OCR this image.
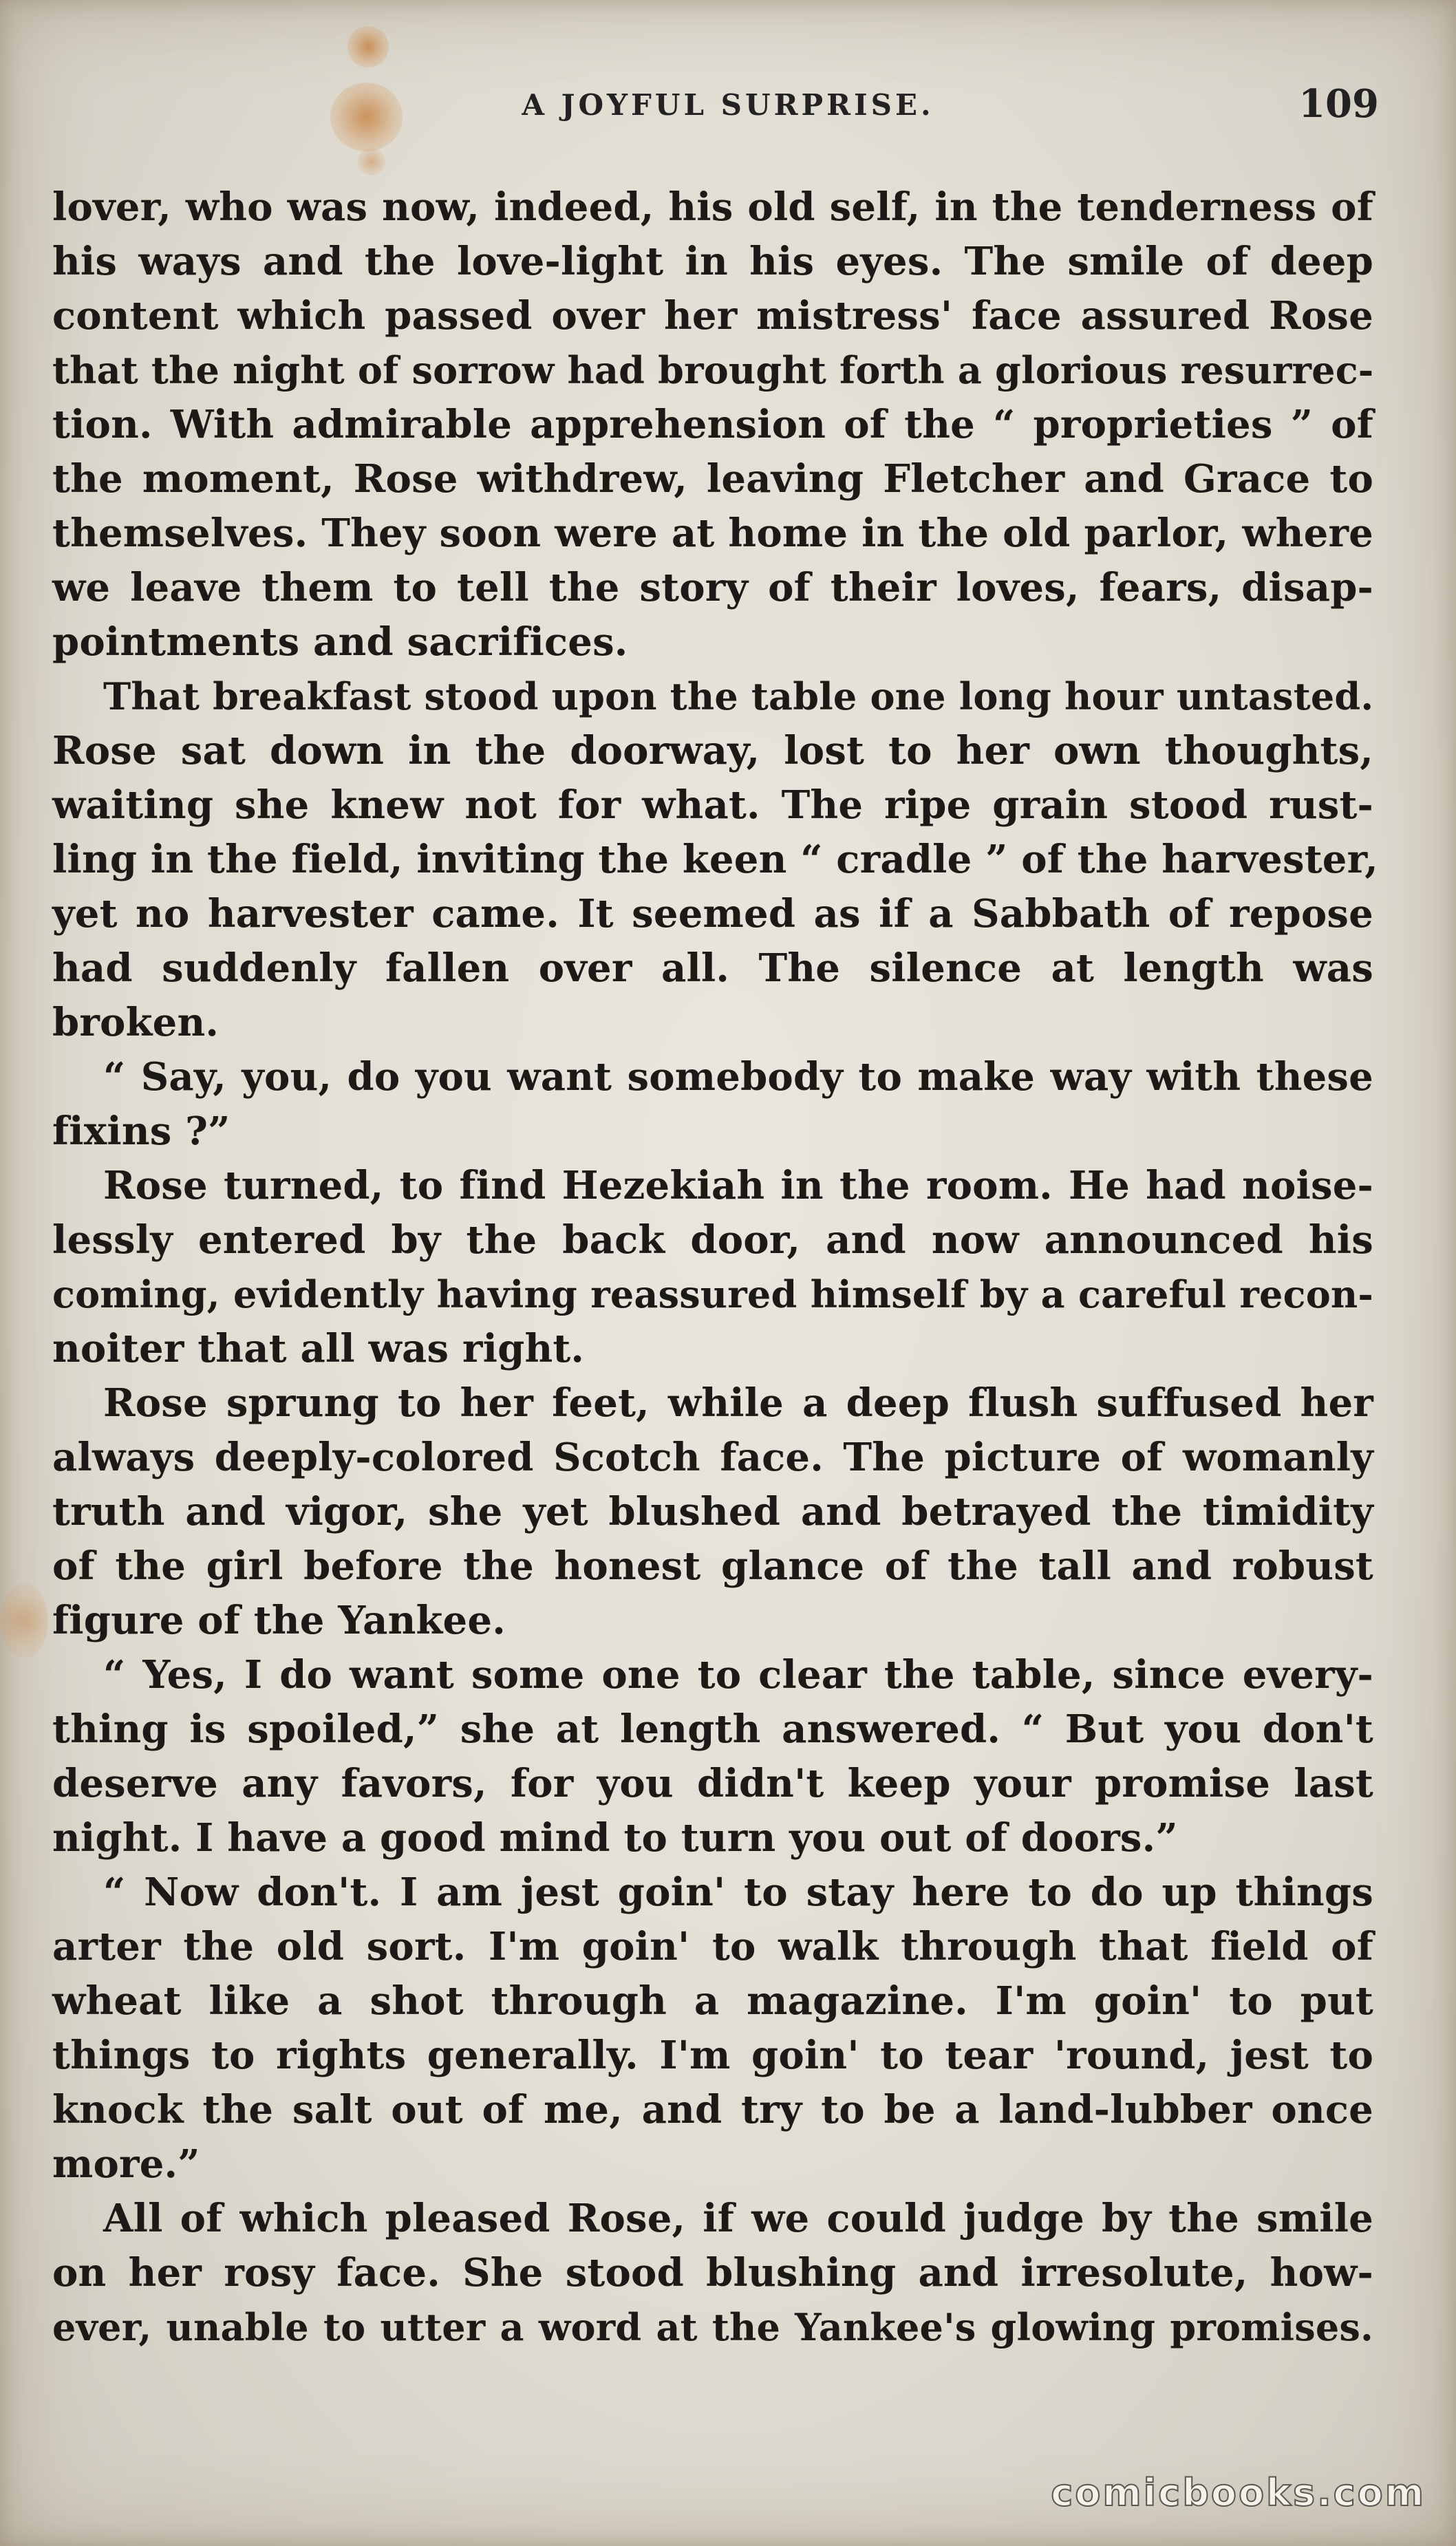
A JOYFUL SURPRISE.	109
lover, who was now, indeed, his old self, in the tenderness of
his ways and the love-light in his eyes. The smile of deep
content which passed over her mistress' face assured Rose
that the night of sorrow had brought forth a glorious resurrec-
tion. With admirable apprehension of the “ proprieties ” of
the moment, Rose withdrew, leaving Fletcher and Grace to
themselves. They soon were at home in the old parlor, where
we leave them to tell the story of their loves, fears, disap-
pointments and sacrifices.
That breakfast stood upon the table one long hour untasted.
Rose sat down in the doorway, lost to her own thoughts,
waiting she knew not for what. The ripe grain stood rust-
ling in the field, inviting the keen “ cradle ” of the harvester,
yet no harvester came. It seemed as if a Sabbath of repose
had suddenly fallen over all. The silence at length was
broken.
“ Say, you, do you want somebody to make way with these
fixins ?”
Rose turned, to find Hezekiah in the room. He had noise-
lessly entered by the back door, and now announced his
coming, evidently having reassured himself by a careful recon-
noiter that all was right.
Rose sprung to her feet, while a deep flush suffused her
always deeply-colored Scotch face. The picture of womanly
truth and vigor, she yet blushed and betrayed the timidity
of the girl before the honest glance of the tall and robust
figure of the Yankee.
“ Yes, I do want some one to clear the table, since every-
thing is spoiled,” she at length answered. “ But you don't
deserve any favors, for you didn't keep your promise last
night. I have a good mind to turn you out of doors.”
“ Now don't. I am jest goin' to stay here to do up things
arter the old sort. I'm goin' to walk through that field of
wheat like a shot through a magazine. I'm goin' to put
things to rights generally. I'm goin' to tear 'round, jest to
knock the salt out of me, and try to be a land-lubber once
more.”
All of which pleased Rose, if we could judge by the smile
on her rosy face. She stood blushing and irresolute, how-
ever, unable to utter a word at the Yankee's glowing promises.
comicbooks.com
